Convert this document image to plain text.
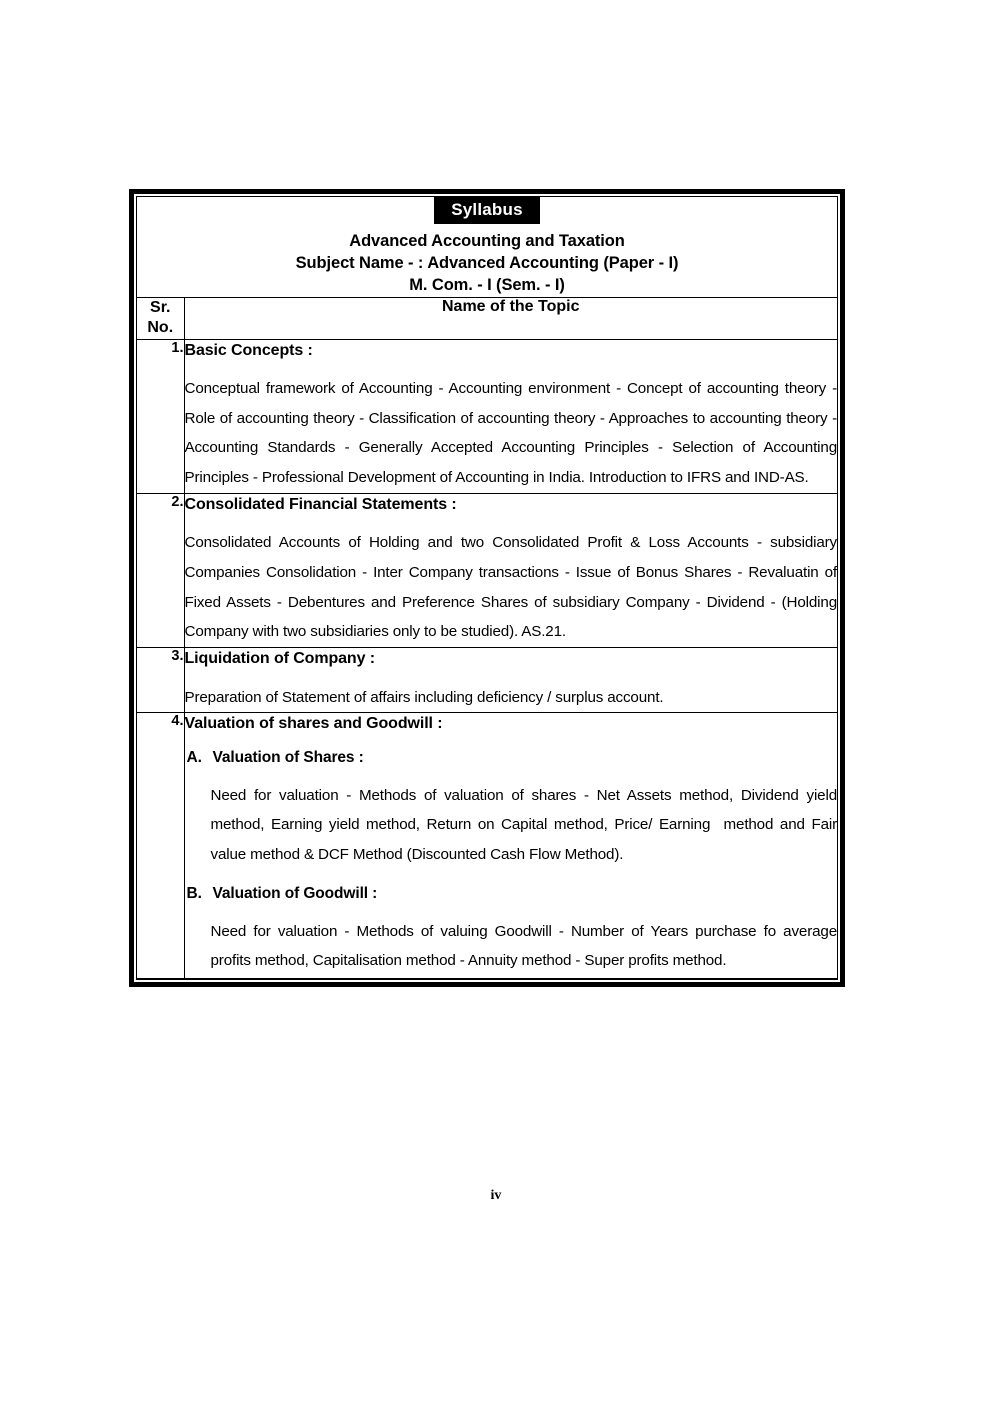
Syllabus
Advanced Accounting and Taxation
Subject Name - : Advanced Accounting (Paper - I)
M. Com. - I (Sem. - I)	

Sr.
No.	Name of the Topic
1.	Basic Concepts :

Conceptual framework of Accounting - Accounting environment - Concept of accounting theory - Role of accounting theory - Classification of accounting theory - Approaches to accounting theory - Accounting Standards - Generally Accepted Accounting Principles - Selection of Accounting Principles - Professional Development of Accounting in India. Introduction to IFRS and IND-AS.

2.	Consolidated Financial Statements :

Consolidated Accounts of Holding and two Consolidated Profit & Loss Accounts - subsidiary Companies Consolidation - Inter Company transactions - Issue of Bonus Shares - Revaluatin of Fixed Assets - Debentures and Preference Shares of subsidiary Company - Dividend - (Holding Company with two subsidiaries only to be studied). AS.21.

3.	Liquidation of Company :

Preparation of Statement of affairs including deficiency / surplus account.

4.	Valuation of shares and Goodwill :

A. Valuation of Shares :

Need for valuation - Methods of valuation of shares - Net Assets method, Dividend yield method, Earning yield method, Return on Capital method, Price/ Earning  method and Fair value method & DCF Method (Discounted Cash Flow Method).

B. Valuation of Goodwill :

Need for valuation - Methods of valuing Goodwill - Number of Years purchase fo average profits method, Capitalisation method - Annuity method - Super profits method.

iv
